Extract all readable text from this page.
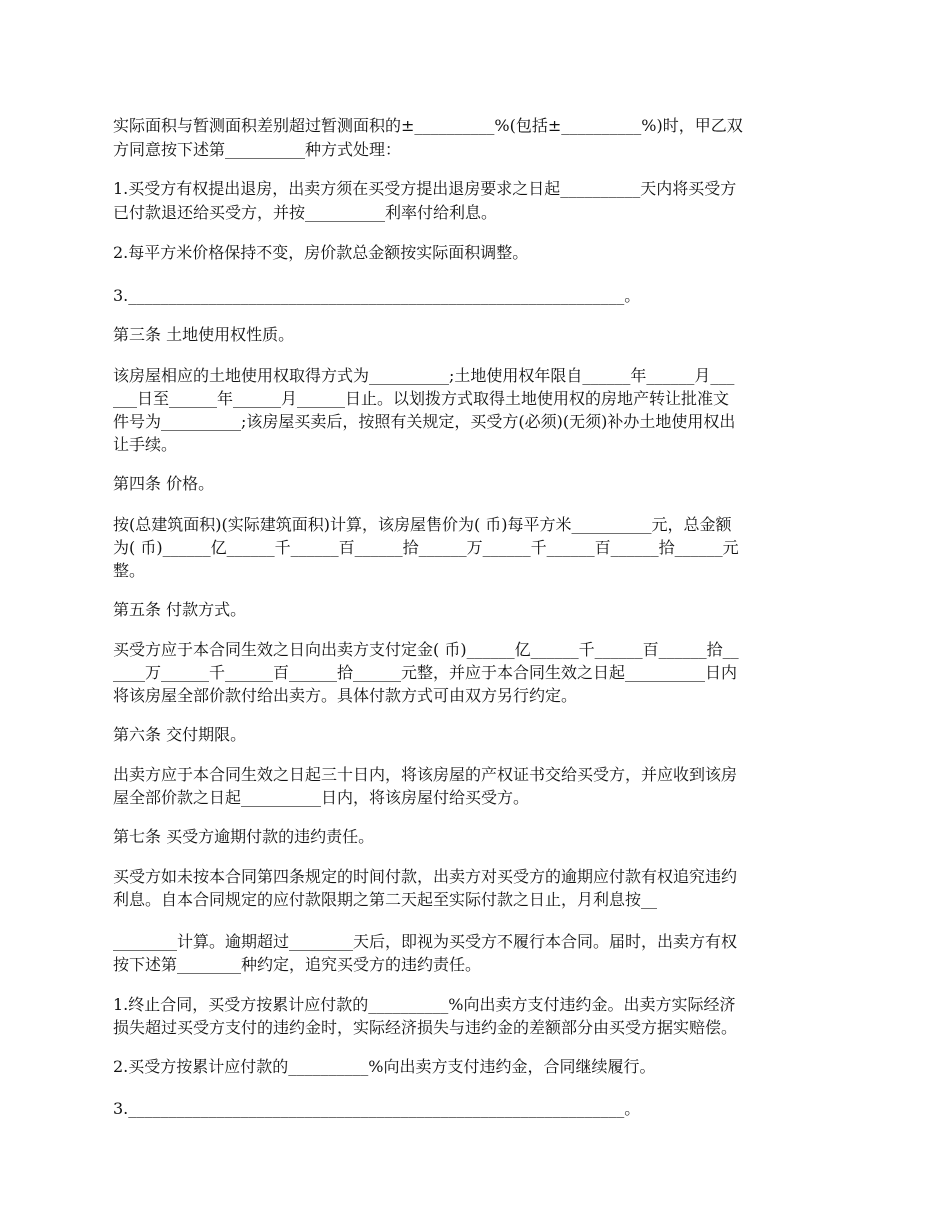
实际面积与暂测面积差别超过暂测面积的±__________%(包括±__________%)时，甲乙双

方同意按下述第__________种方式处理：

1.买受方有权提出退房，出卖方须在买受方提出退房要求之日起__________天内将买受方

已付款退还给买受方，并按__________利率付给利息。

2.每平方米价格保持不变，房价款总金额按实际面积调整。

3.______________________________________________________________。

第三条 土地使用权性质。

该房屋相应的土地使用权取得方式为__________;土地使用权年限自______年______月___

___日至______年______月______日止。以划拨方式取得土地使用权的房地产转让批准文

件号为__________;该房屋买卖后，按照有关规定，买受方(必须)(无须)补办土地使用权出

让手续。

第四条 价格。

按(总建筑面积)(实际建筑面积)计算，该房屋售价为( 币)每平方米__________元，总金额

为( 币)______亿______千______百______拾______万______千______百______拾______元

整。

第五条 付款方式。

买受方应于本合同生效之日向出卖方支付定金( 币)______亿______千______百______拾__

____万______千______百______拾______元整，并应于本合同生效之日起__________日内

将该房屋全部价款付给出卖方。具体付款方式可由双方另行约定。

第六条 交付期限。

出卖方应于本合同生效之日起三十日内，将该房屋的产权证书交给买受方，并应收到该房

屋全部价款之日起__________日内，将该房屋付给买受方。

第七条 买受方逾期付款的违约责任。

买受方如未按本合同第四条规定的时间付款，出卖方对买受方的逾期应付款有权追究违约

利息。自本合同规定的应付款限期之第二天起至实际付款之日止，月利息按__

________计算。逾期超过________天后，即视为买受方不履行本合同。届时，出卖方有权

按下述第________种约定，追究买受方的违约责任。

1.终止合同，买受方按累计应付款的__________%向出卖方支付违约金。出卖方实际经济

损失超过买受方支付的违约金时，实际经济损失与违约金的差额部分由买受方据实赔偿。

2.买受方按累计应付款的__________%向出卖方支付违约金，合同继续履行。

3.______________________________________________________________。
